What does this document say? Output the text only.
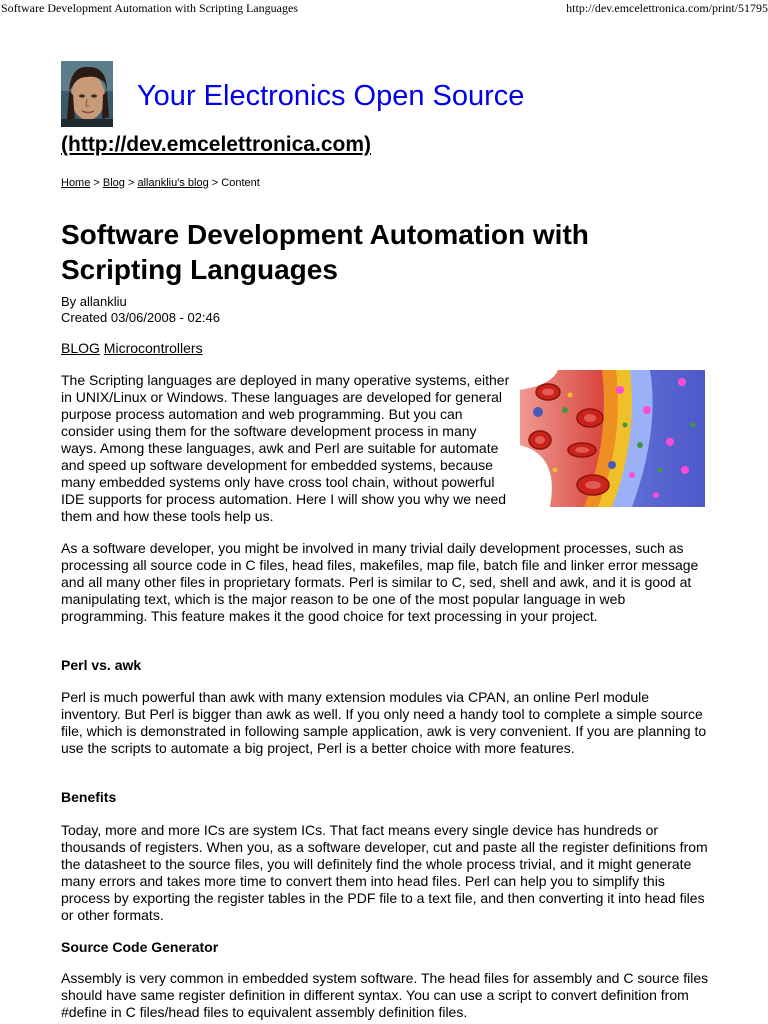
Software Development Automation with Scripting Languages	http://dev.emcelettronica.com/print/51795
Your Electronics Open Source
(http://dev.emcelettronica.com)
Home > Blog > allankliu's blog > Content
Software Development Automation with
Scripting Languages
By allankliu
Created 03/06/2008 - 02:46
BLOG Microcontrollers

The Scripting languages are deployed in many operative systems, either in UNIX/Linux or Windows. These languages are developed for general purpose process automation and web programming. But you can consider using them for the software development process in many ways. Among these languages, awk and Perl are suitable for automate and speed up software development for embedded systems, because many embedded systems only have cross tool chain, without powerful IDE supports for process automation. Here I will show you why we need them and how these tools help us.

As a software developer, you might be involved in many trivial daily development processes, such as processing all source code in C files, head files, makefiles, map file, batch file and linker error message and all many other files in proprietary formats. Perl is similar to C, sed, shell and awk, and it is good at manipulating text, which is the major reason to be one of the most popular language in web programming. This feature makes it the good choice for text processing in your project.

Perl vs. awk

Perl is much powerful than awk with many extension modules via CPAN, an online Perl module inventory. But Perl is bigger than awk as well. If you only need a handy tool to complete a simple source file, which is demonstrated in following sample application, awk is very convenient. If you are planning to use the scripts to automate a big project, Perl is a better choice with more features.

Benefits

Today, more and more ICs are system ICs. That fact means every single device has hundreds or thousands of registers. When you, as a software developer, cut and paste all the register definitions from the datasheet to the source files, you will definitely find the whole process trivial, and it might generate many errors and takes more time to convert them into head files. Perl can help you to simplify this process by exporting the register tables in the PDF file to a text file, and then converting it into head files or other formats.

Source Code Generator

Assembly is very common in embedded system software. The head files for assembly and C source files should have same register definition in different syntax. You can use a script to convert definition from #define in C files/head files to equivalent assembly definition files.
